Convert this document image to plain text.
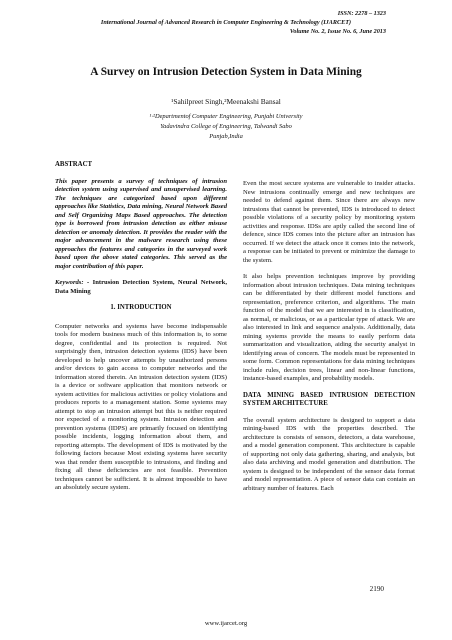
ISSN: 2278 – 1323
International Journal of Advanced Research in Computer Engineering & Technology (IJARCET)
Volume No. 2, Issue No. 6, June 2013
A Survey on Intrusion Detection System in Data Mining
¹Sahilpreet Singh,²Meenakshi Bansal
¹·²Departmentof Computer Engineering, Punjabi University
Yadavindra College of Engineering, Talwandi Sabo
Punjab,India
ABSTRACT

This paper presents a survey of techniques of intrusion detection system using supervised and unsupervised learning. The techniques are categorized based upon different approaches like Statistics, Data mining, Neural Network Based and Self Organizing Maps Based approaches. The detection type is borrowed from intrusion detection as either misuse detection or anomaly detection. It provides the reader with the major advancement in the malware research using these approaches the features and categories in the surveyed work based upon the above stated categories. This served as the major contribution of this paper.

Keywords: - Intrusion Detection System, Neural Network, Data Mining

1. INTRODUCTION

Computer networks and systems have become indispensable tools for modern business much of this information is, to some degree, confidential and its protection is required. Not surprisingly then, intrusion detection systems (IDS) have been developed to help uncover attempts by unauthorized persons and/or devices to gain access to computer networks and the information stored therein. An intrusion detection system (IDS) is a device or software application that monitors network or system activities for malicious activities or policy violations and produces reports to a management station. Some systems may attempt to stop an intrusion attempt but this is neither required nor expected of a monitoring system. Intrusion detection and prevention systems (IDPS) are primarily focused on identifying possible incidents, logging information about them, and reporting attempts. The development of IDS is motivated by the following factors because Most existing systems have security was that render them susceptible to intrusions, and finding and fixing all these deficiencies are not feasible. Prevention techniques cannot be sufficient. It is almost impossible to have an absolutely secure system.

Even the most secure systems are vulnerable to insider attacks. New intrusions continually emerge and new techniques are needed to defend against them. Since there are always new intrusions that cannot be prevented, IDS is introduced to detect possible violations of a security policy by monitoring system activities and response. IDSs are aptly called the second line of defence, since IDS comes into the picture after an intrusion has occurred. If we detect the attack once it comes into the network, a response can be initiated to prevent or minimize the damage to the system.

It also helps prevention techniques improve by providing information about intrusion techniques. Data mining techniques can be differentiated by their different model functions and representation, preference criterion, and algorithms. The main function of the model that we are interested in is classification, as normal, or malicious, or as a particular type of attack. We are also interested in link and sequence analysis. Additionally, data mining systems provide the means to easily perform data summarization and visualization, aiding the security analyst in identifying areas of concern. The models must be represented in some form. Common representations for data mining techniques include rules, decision trees, linear and non-linear functions, instance-based examples, and probability models.

DATA MINING BASED INTRUSION DETECTION SYSTEM ARCHITECTURE

The overall system architecture is designed to support a data mining-based IDS with the properties described. The architecture is consists of sensors, detectors, a data warehouse, and a model generation component. This architecture is capable of supporting not only data gathering, sharing, and analysis, but also data archiving and model generation and distribution. The system is designed to be independent of the sensor data format and model representation. A piece of sensor data can contain an arbitrary number of features. Each

2190
www.ijarcet.org
